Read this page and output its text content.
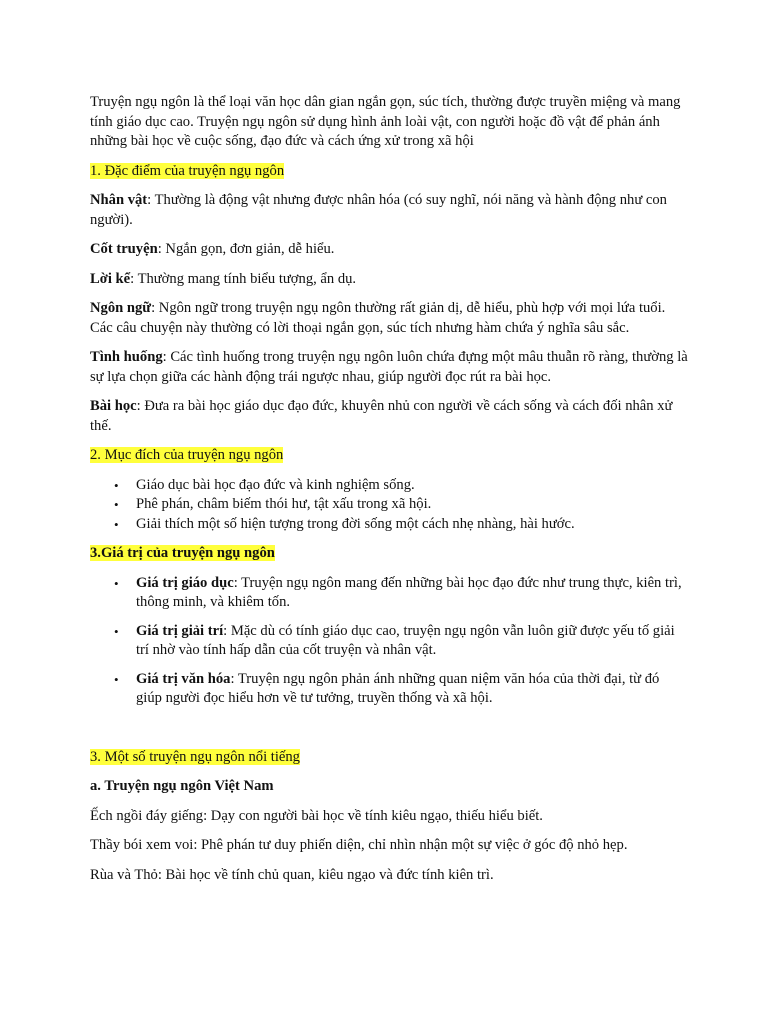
Truyện ngụ ngôn là thể loại văn học dân gian ngắn gọn, súc tích, thường được truyền miệng và mang tính giáo dục cao. Truyện ngụ ngôn sử dụng hình ảnh loài vật, con người hoặc đồ vật để phản ánh những bài học về cuộc sống, đạo đức và cách ứng xử trong xã hội

1. Đặc điểm của truyện ngụ ngôn

Nhân vật: Thường là động vật nhưng được nhân hóa (có suy nghĩ, nói năng và hành động như con người).

Cốt truyện: Ngắn gọn, đơn giản, dễ hiểu.

Lời kể: Thường mang tính biểu tượng, ẩn dụ.

Ngôn ngữ: Ngôn ngữ trong truyện ngụ ngôn thường rất giản dị, dễ hiểu, phù hợp với mọi lứa tuổi. Các câu chuyện này thường có lời thoại ngắn gọn, súc tích nhưng hàm chứa ý nghĩa sâu sắc.

Tình huống: Các tình huống trong truyện ngụ ngôn luôn chứa đựng một mâu thuẫn rõ ràng, thường là sự lựa chọn giữa các hành động trái ngược nhau, giúp người đọc rút ra bài học.

Bài học: Đưa ra bài học giáo dục đạo đức, khuyên nhủ con người về cách sống và cách đối nhân xử thế.

2. Mục đích của truyện ngụ ngôn

• Giáo dục bài học đạo đức và kinh nghiệm sống.
• Phê phán, châm biếm thói hư, tật xấu trong xã hội.
• Giải thích một số hiện tượng trong đời sống một cách nhẹ nhàng, hài hước.

3.Giá trị của truyện ngụ ngôn

• Giá trị giáo dục: Truyện ngụ ngôn mang đến những bài học đạo đức như trung thực, kiên trì, thông minh, và khiêm tốn.
• Giá trị giải trí: Mặc dù có tính giáo dục cao, truyện ngụ ngôn vẫn luôn giữ được yếu tố giải trí nhờ vào tính hấp dẫn của cốt truyện và nhân vật.
• Giá trị văn hóa: Truyện ngụ ngôn phản ánh những quan niệm văn hóa của thời đại, từ đó giúp người đọc hiểu hơn về tư tưởng, truyền thống và xã hội.

3. Một số truyện ngụ ngôn nổi tiếng

a. Truyện ngụ ngôn Việt Nam

Ếch ngồi đáy giếng: Dạy con người bài học về tính kiêu ngạo, thiếu hiểu biết.

Thầy bói xem voi: Phê phán tư duy phiến diện, chỉ nhìn nhận một sự việc ở góc độ nhỏ hẹp.

Rùa và Thỏ: Bài học về tính chủ quan, kiêu ngạo và đức tính kiên trì.
